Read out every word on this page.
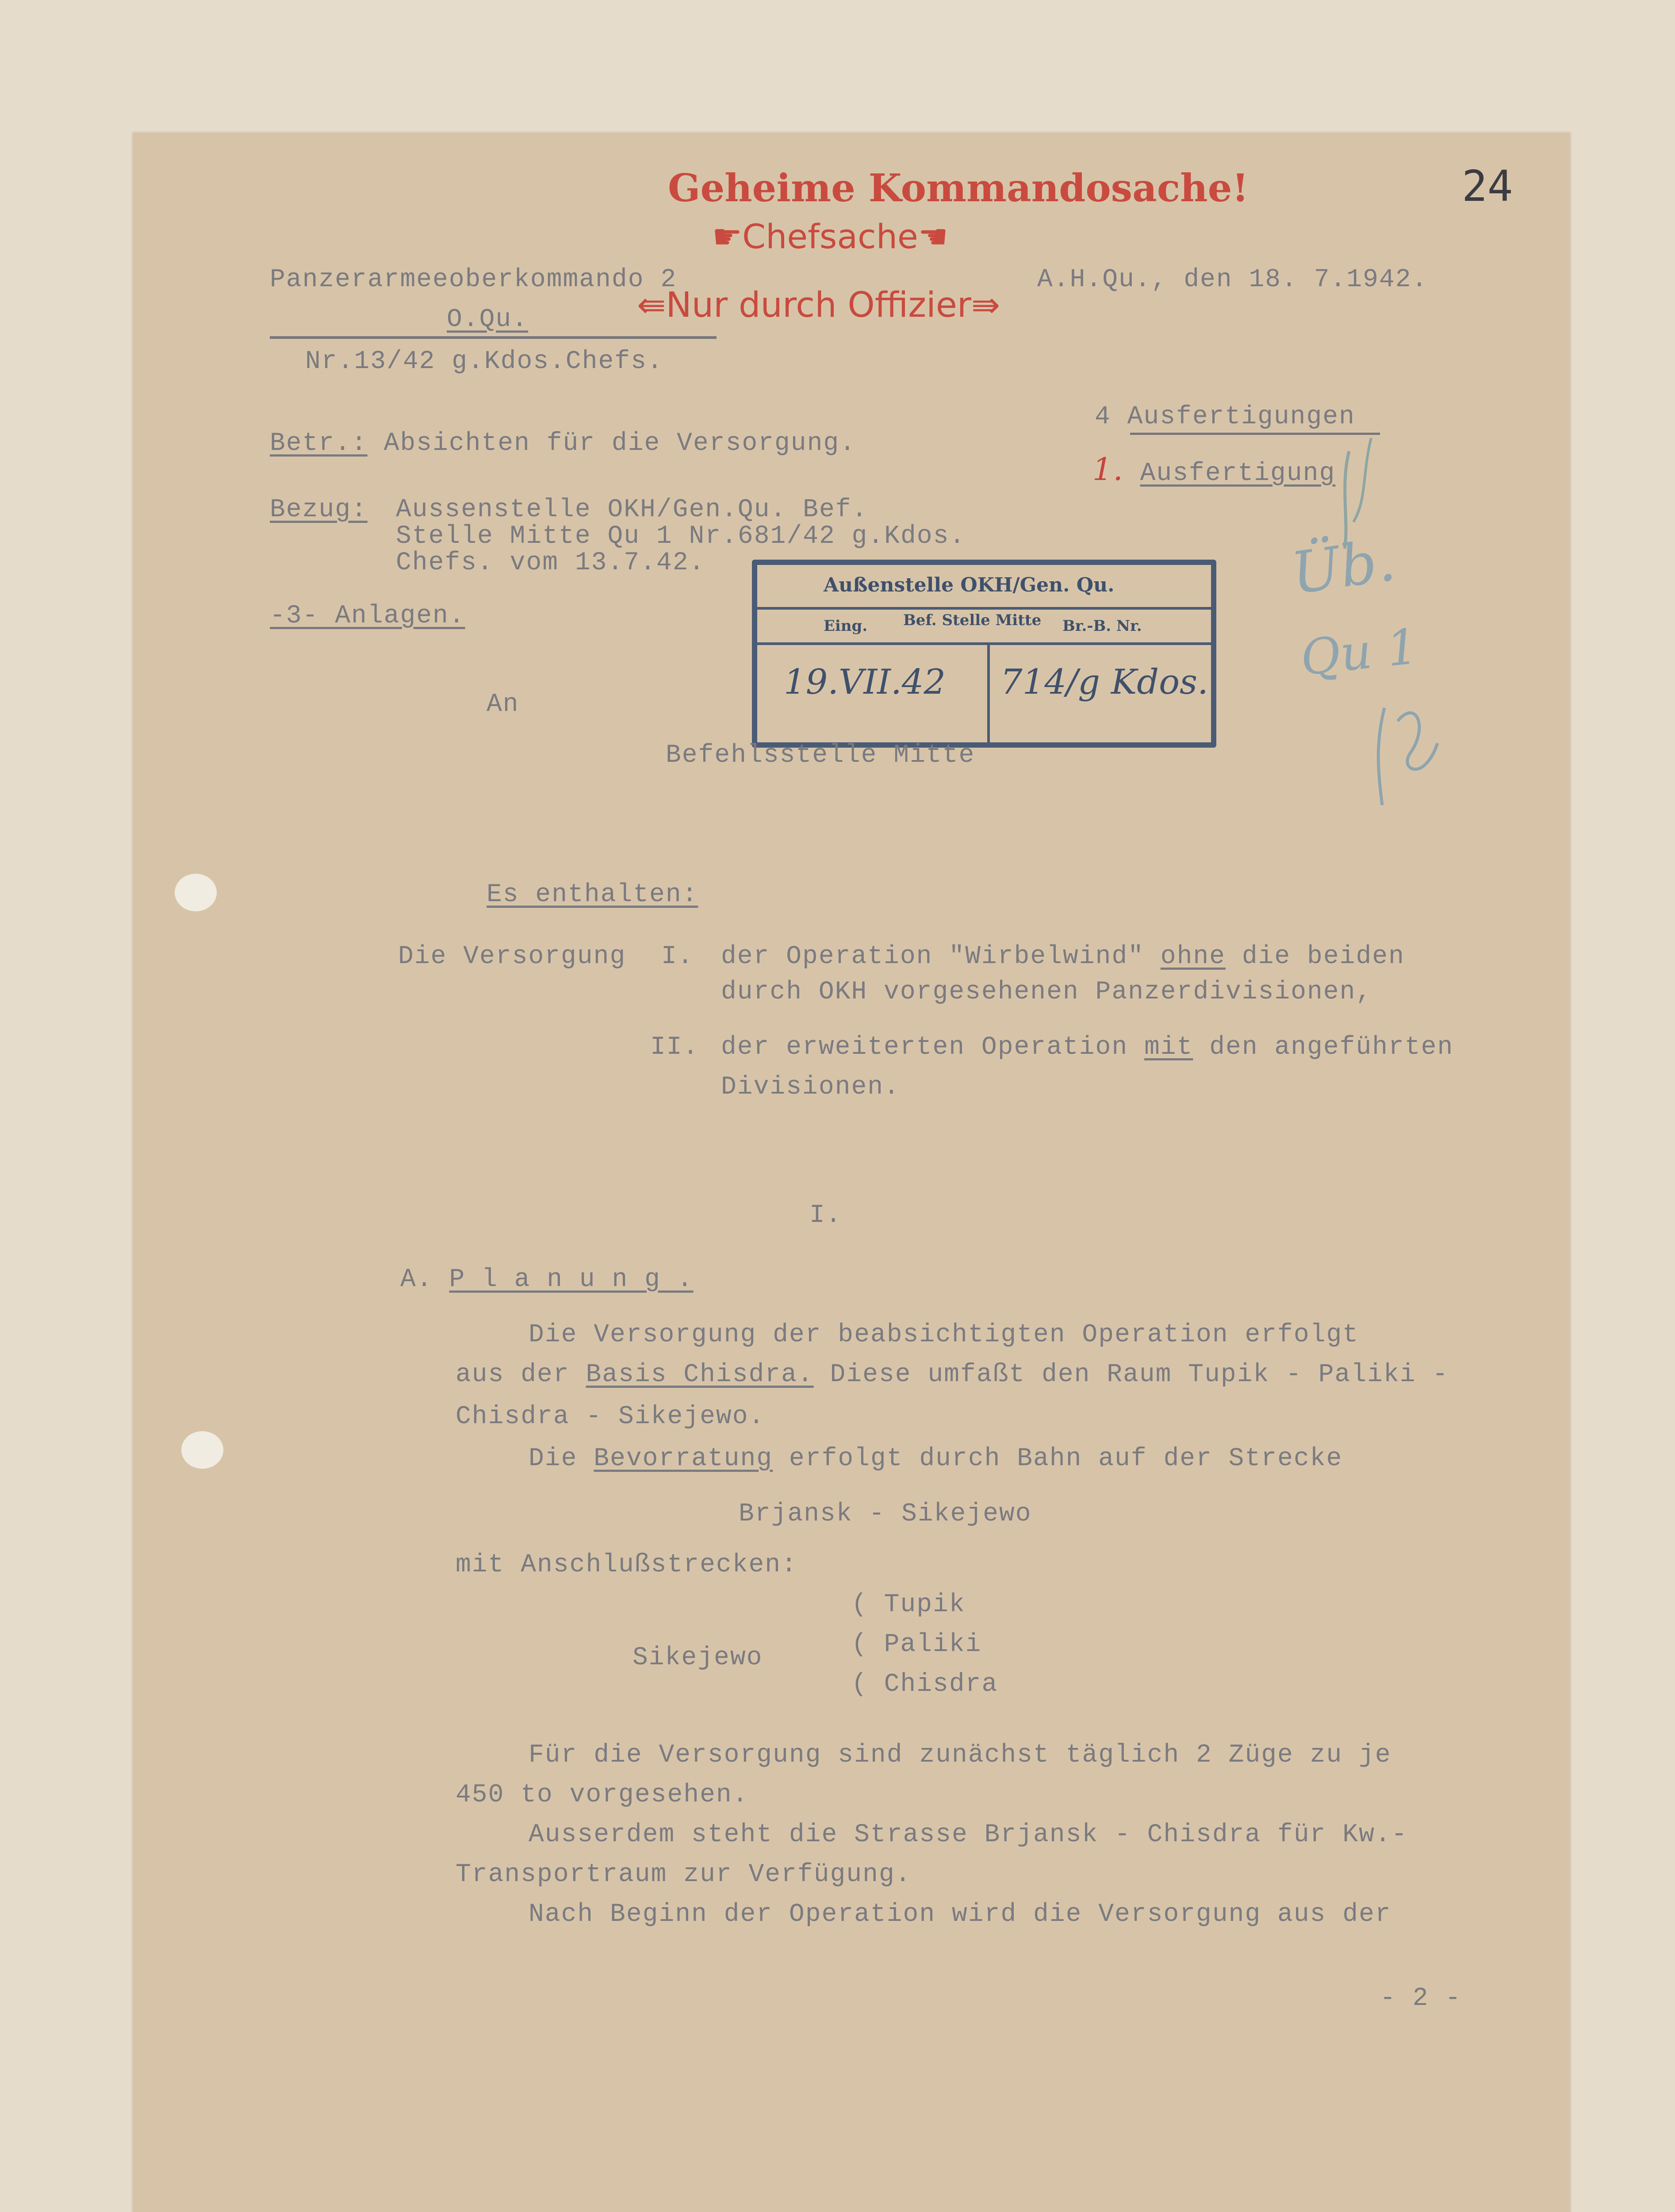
24
Geheime Kommandosache!
☛Chefsache☚
⇚Nur durch Offizier⇛
Panzerarmeeoberkommando 2
O.Qu.
Nr.13/42 g.Kdos.Chefs.
A.H.Qu., den 18. 7.1942.
4 Ausfertigungen
1. Ausfertigung
Betr.: Absichten für die Versorgung.
Bezug: Aussenstelle OKH/Gen.Qu. Bef.
Stelle Mitte Qu 1 Nr.681/42 g.Kdos.
Chefs. vom 13.7.42.
-3- Anlagen.
Außenstelle OKH/Gen. Qu.
Bef. Stelle Mitte
Eing.	Br.-B. Nr.
19.VII.42 714/g Kdos.
An
Befehlsstelle Mitte
Üb.
Qu 1
Es enthalten:
Die Versorgung I. der Operation "Wirbelwind" ohne die beiden
durch OKH vorgesehenen Panzerdivisionen,
II. der erweiterten Operation mit den angeführten
Divisionen.
I.
A. P l a n u n g .
Die Versorgung der beabsichtigten Operation erfolgt
aus der Basis Chisdra. Diese umfaßt den Raum Tupik - Paliki -
Chisdra - Sikejewo.
Die Bevorratung erfolgt durch Bahn auf der Strecke
Brjansk - Sikejewo
mit Anschlußstrecken:
Sikejewo
( Tupik
( Paliki
( Chisdra
Für die Versorgung sind zunächst täglich 2 Züge zu je
450 to vorgesehen.
Ausserdem steht die Strasse Brjansk - Chisdra für Kw.-
Transportraum zur Verfügung.
Nach Beginn der Operation wird die Versorgung aus der
- 2 -
